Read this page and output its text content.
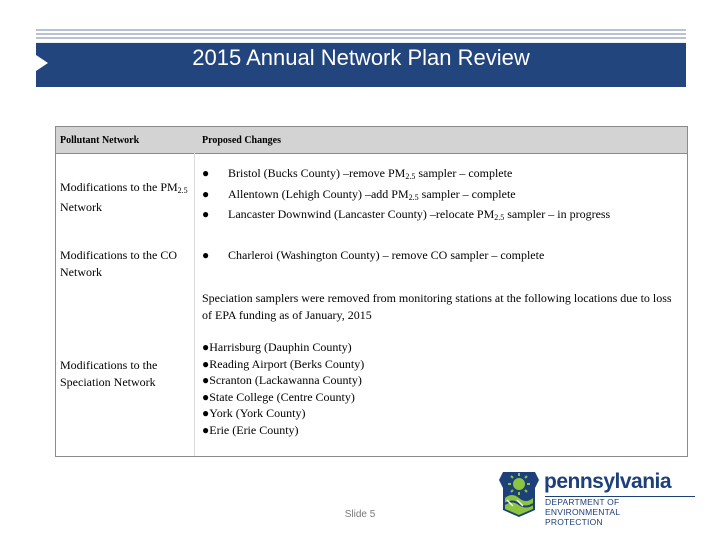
2015 Annual Network Plan Review
Pollutant Network	Proposed Changes
Modifications to the $PM_{2.5}$ Network
● Bristol (Bucks County) –remove $PM_{2.5}$ sampler – complete
● Allentown (Lehigh County) –add $PM_{2.5}$ sampler – complete
● Lancaster Downwind (Lancaster County) –relocate $PM_{2.5}$ sampler – in progress
Modifications to the CO Network
● Charleroi (Washington County) – remove CO sampler – complete
Modifications to the Speciation Network
Speciation samplers were removed from monitoring stations at the following locations due to loss of EPA funding as of January, 2015
●Harrisburg (Dauphin County)
●Reading Airport (Berks County)
●Scranton (Lackawanna County)
●State College (Centre County)
●York (York County)
●Erie (Erie County)
Slide 5
pennsylvania
DEPARTMENT OF ENVIRONMENTAL
PROTECTION
